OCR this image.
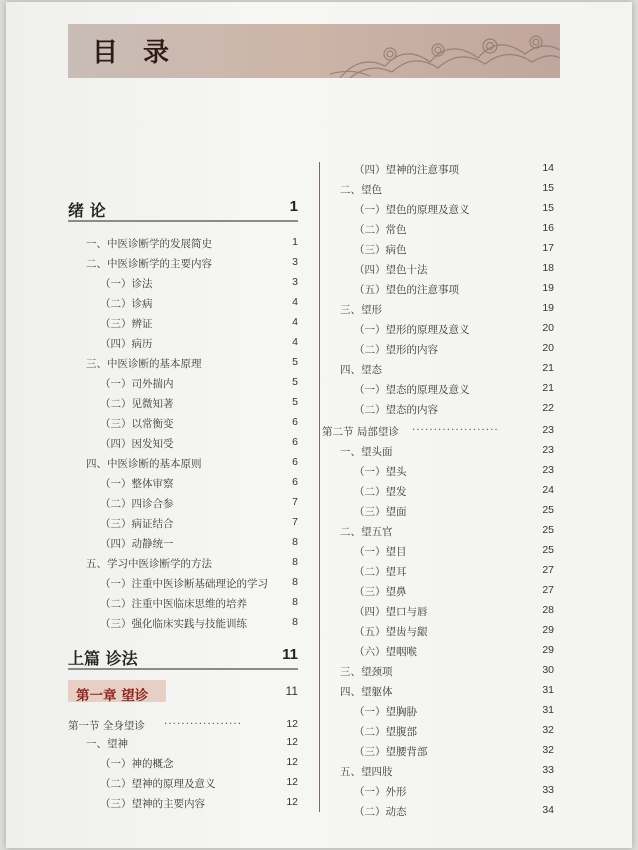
目 录
绪 论	1
一、中医诊断学的发展简史	1
二、中医诊断学的主要内容	3
（一）诊法	3
（二）诊病	4
（三）辨证	4
（四）病历	4
三、中医诊断的基本原理	5
（一）司外揣内	5
（二）见微知著	5
（三）以常衡变	6
（四）因发知受	6
四、中医诊断的基本原则	6
（一）整体审察	6
（二）四诊合参	7
（三）病证结合	7
（四）动静统一	8
五、学习中医诊断学的方法	8
（一）注重中医诊断基础理论的学习 8
（二）注重中医临床思维的培养	8
（三）强化临床实践与技能训练	8
上篇 诊法	11
第一章 望诊	11
第一节 全身望诊 ··················	12
一、望神	12
（一）神的概念	12
（二）望神的原理及意义	12
（三）望神的主要内容	12
（四）望神的注意事项	14
二、望色	15
（一）望色的原理及意义	15
（二）常色	16
（三）病色	17
（四）望色十法	18
（五）望色的注意事项	19
三、望形	19
（一）望形的原理及意义	20
（二）望形的内容	20
四、望态	21
（一）望态的原理及意义	21
（二）望态的内容	22
第二节 局部望诊 ····················	23
一、望头面	23
（一）望头	23
（二）望发	24
（三）望面	25
二、望五官	25
（一）望目	25
（二）望耳	27
（三）望鼻	27
（四）望口与唇	28
（五）望齿与龈	29
（六）望咽喉	29
三、望颈项	30
四、望躯体	31
（一）望胸胁	31
（二）望腹部	32
（三）望腰背部	32
五、望四肢	33
（一）外形	33
（二）动态	34
